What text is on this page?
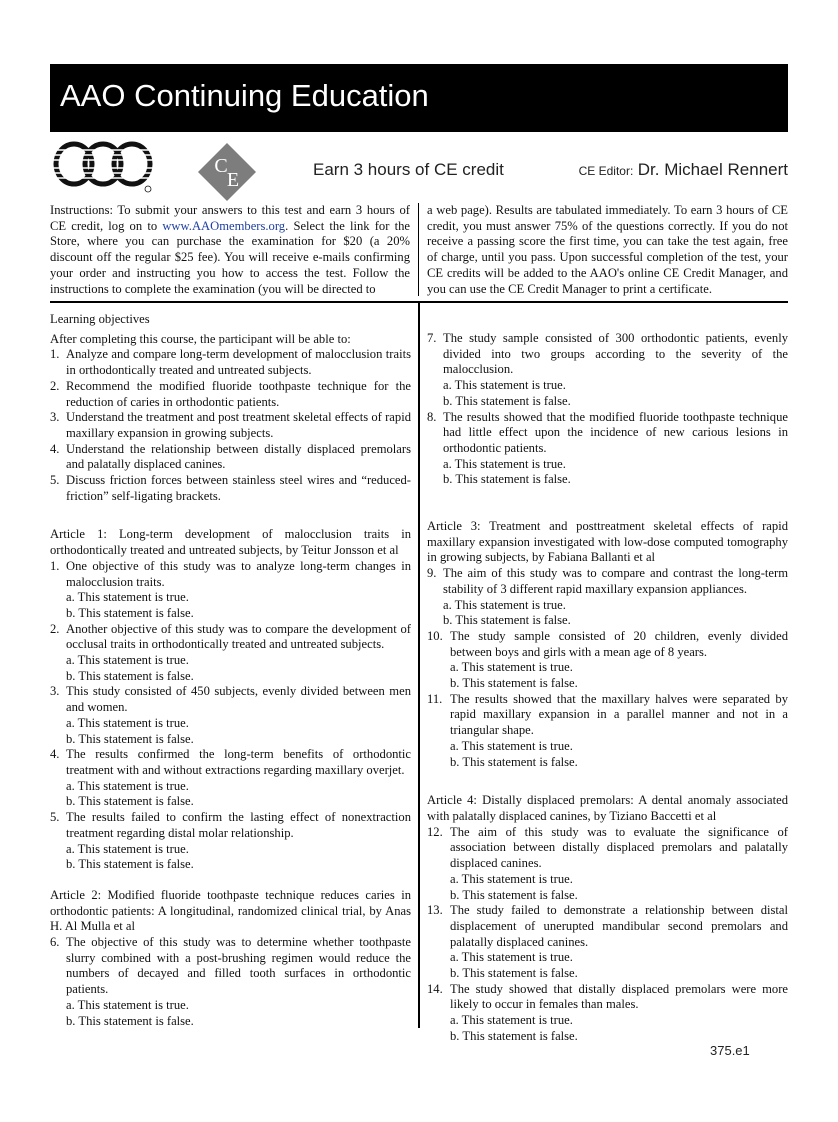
AAO Continuing Education
C
E	Earn 3 hours of CE credit	CE Editor: Dr. Michael Rennert
Instructions: To submit your answers to this test and earn 3 hours of CE credit, log on to www.AAOmembers.org. Select the link for the Store, where you can purchase the examination for $20 (a 20% discount off the regular $25 fee). You will receive e-mails confirming your order and instructing you how to access the test. Follow the instructions to complete the examination (you will be directed to
a web page). Results are tabulated immediately. To earn 3 hours of CE credit, you must answer 75% of the questions correctly. If you do not receive a passing score the first time, you can take the test again, free of charge, until you pass. Upon successful completion of the test, your CE credits will be added to the AAO's online CE Credit Manager, and you can use the CE Credit Manager to print a certificate.

Learning objectives

After completing this course, the participant will be able to:

1. Analyze and compare long-term development of malocclusion traits in orthodontically treated and untreated subjects.

2. Recommend the modified fluoride toothpaste technique for the reduction of caries in orthodontic patients.

3. Understand the treatment and post treatment skeletal effects of rapid maxillary expansion in growing subjects.

4. Understand the relationship between distally displaced premolars and palatally displaced canines.

5. Discuss friction forces between stainless steel wires and “reduced-friction” self-ligating brackets.

Article 1: Long-term development of malocclusion traits in orthodontically treated and untreated subjects, by Teitur Jonsson et al

1. One objective of this study was to analyze long-term changes in malocclusion traits.

a. This statement is true.

b. This statement is false.

2. Another objective of this study was to compare the development of occlusal traits in orthodontically treated and untreated subjects.

a. This statement is true.

b. This statement is false.

3. This study consisted of 450 subjects, evenly divided between men and women.

a. This statement is true.

b. This statement is false.

4. The results confirmed the long-term benefits of orthodontic treatment with and without extractions regarding maxillary overjet.

a. This statement is true.

b. This statement is false.

5. The results failed to confirm the lasting effect of nonextraction treatment regarding distal molar relationship.

a. This statement is true.

b. This statement is false.

Article 2: Modified fluoride toothpaste technique reduces caries in orthodontic patients: A longitudinal, randomized clinical trial, by Anas H. Al Mulla et al

6. The objective of this study was to determine whether toothpaste slurry combined with a post-brushing regimen would reduce the numbers of decayed and filled tooth surfaces in orthodontic patients.

a. This statement is true.

b. This statement is false.

7. The study sample consisted of 300 orthodontic patients, evenly divided into two groups according to the severity of the malocclusion.

a. This statement is true.

b. This statement is false.

8. The results showed that the modified fluoride toothpaste technique had little effect upon the incidence of new carious lesions in orthodontic patients.

a. This statement is true.

b. This statement is false.

Article 3: Treatment and posttreatment skeletal effects of rapid maxillary expansion investigated with low-dose computed tomography in growing subjects, by Fabiana Ballanti et al

9. The aim of this study was to compare and contrast the long-term stability of 3 different rapid maxillary expansion appliances.

a. This statement is true.

b. This statement is false.

10. The study sample consisted of 20 children, evenly divided between boys and girls with a mean age of 8 years.

a. This statement is true.

b. This statement is false.

11. The results showed that the maxillary halves were separated by rapid maxillary expansion in a parallel manner and not in a triangular shape.

a. This statement is true.

b. This statement is false.

Article 4: Distally displaced premolars: A dental anomaly associated with palatally displaced canines, by Tiziano Baccetti et al

12. The aim of this study was to evaluate the significance of association between distally displaced premolars and palatally displaced canines.

a. This statement is true.

b. This statement is false.

13. The study failed to demonstrate a relationship between distal displacement of unerupted mandibular second premolars and palatally displaced canines.

a. This statement is true.

b. This statement is false.

14. The study showed that distally displaced premolars were more likely to occur in females than males.

a. This statement is true.

b. This statement is false.

375.e1
